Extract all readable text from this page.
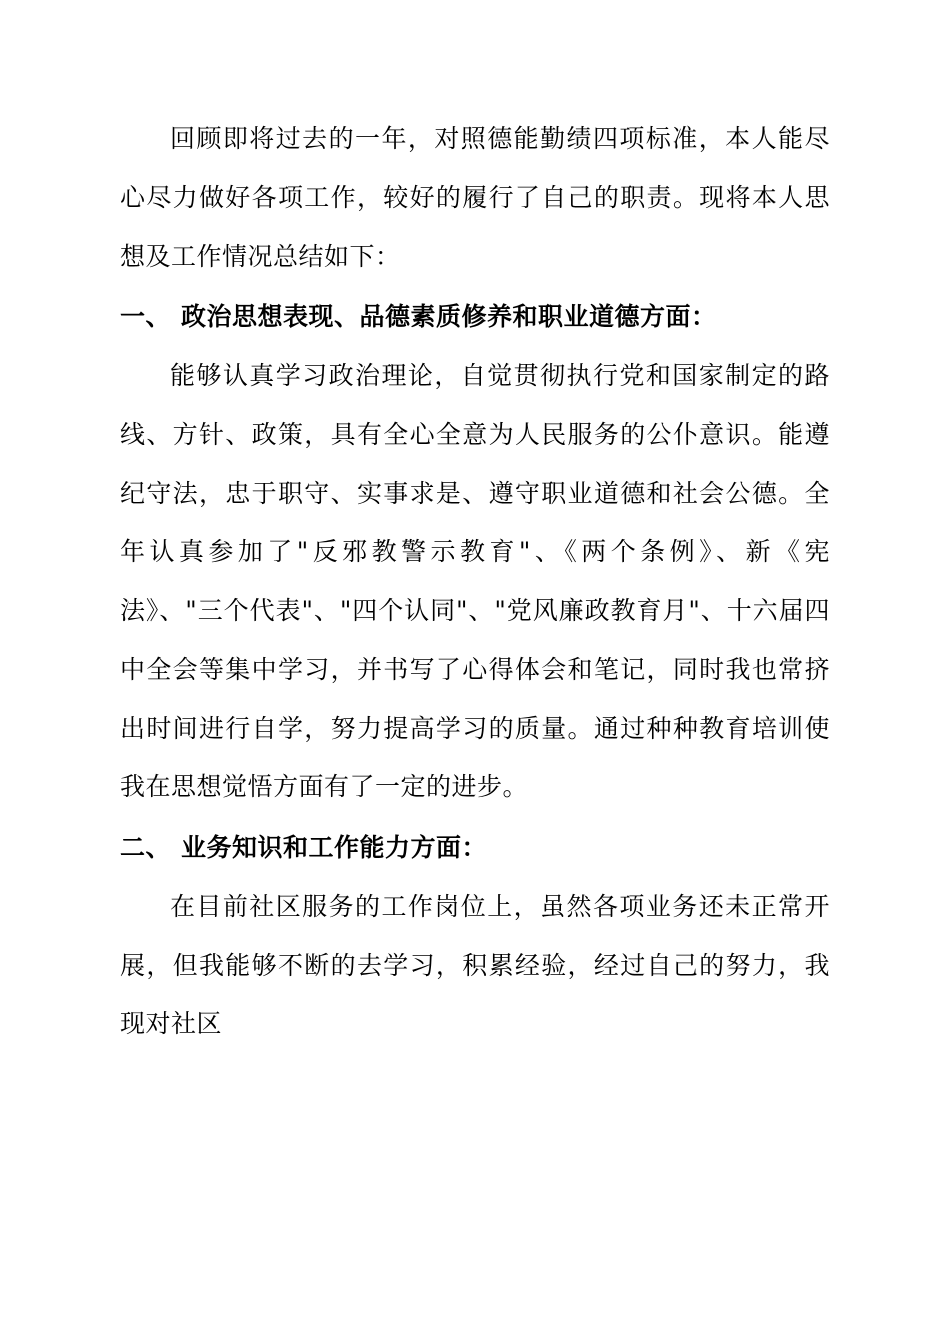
回顾即将过去的一年，对照德能勤绩四项标准，本人能尽心尽力做好各项工作，较好的履行了自己的职责。现将本人思想及工作情况总结如下：

一、 政治思想表现、品德素质修养和职业道德方面：

能够认真学习政治理论，自觉贯彻执行党和国家制定的路线、方针、政策，具有全心全意为人民服务的公仆意识。能遵纪守法，忠于职守、实事求是、遵守职业道德和社会公德。全年认真参加了"反邪教警示教育"、《两个条例》、新《宪法》、"三个代表"、"四个认同"、"党风廉政教育月"、十六届四中全会等集中学习，并书写了心得体会和笔记，同时我也常挤出时间进行自学，努力提高学习的质量。通过种种教育培训使我在思想觉悟方面有了一定的进步。

二、 业务知识和工作能力方面：

在目前社区服务的工作岗位上，虽然各项业务还未正常开展，但我能够不断的去学习，积累经验，经过自己的努力，我现对社区
